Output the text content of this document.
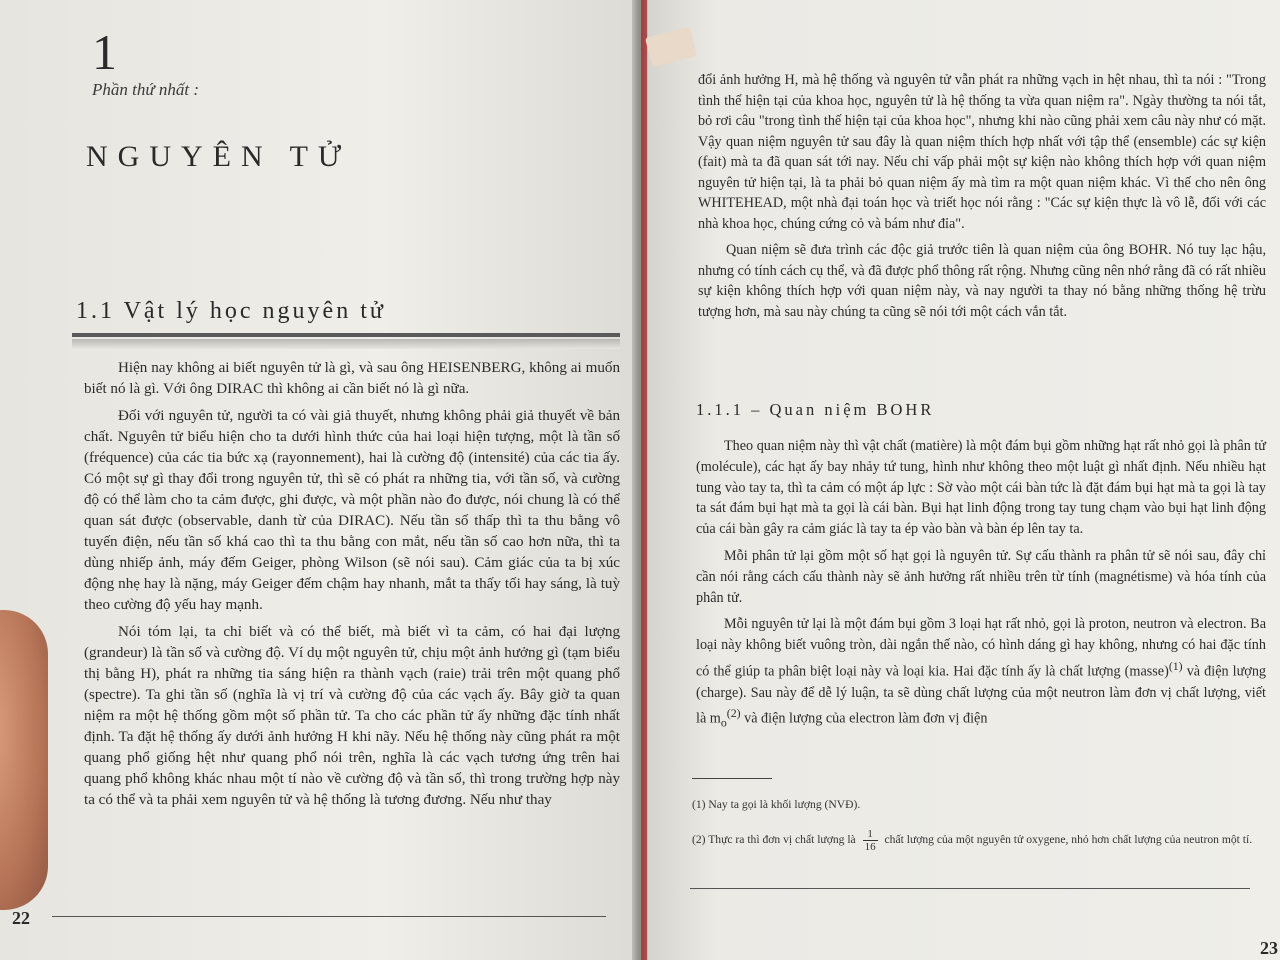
1
Phần thứ nhất :
NGUYÊN TỬ
1.1 Vật lý học nguyên tử

Hiện nay không ai biết nguyên tử là gì, và sau ông HEISENBERG, không ai muốn biết nó là gì. Với ông DIRAC thì không ai cần biết nó là gì nữa.

Đối với nguyên tử, người ta có vài giả thuyết, nhưng không phải giả thuyết về bản chất. Nguyên tử biểu hiện cho ta dưới hình thức của hai loại hiện tượng, một là tần số (fréquence) của các tia bức xạ (rayonnement), hai là cường độ (intensité) của các tia ấy. Có một sự gì thay đổi trong nguyên tử, thì sẽ có phát ra những tia, với tần số, và cường độ có thể làm cho ta cảm được, ghi được, và một phần nào đo được, nói chung là có thể quan sát được (observable, danh từ của DIRAC). Nếu tần số thấp thì ta thu bằng vô tuyến điện, nếu tần số khá cao thì ta thu bằng con mắt, nếu tần số cao hơn nữa, thì ta dùng nhiếp ảnh, máy đếm Geiger, phòng Wilson (sẽ nói sau). Cảm giác của ta bị xúc động nhẹ hay là nặng, máy Geiger đếm chậm hay nhanh, mắt ta thấy tối hay sáng, là tuỳ theo cường độ yếu hay mạnh.

Nói tóm lại, ta chỉ biết và có thể biết, mà biết vì ta cảm, có hai đại lượng (grandeur) là tần số và cường độ. Ví dụ một nguyên tử, chịu một ảnh hưởng gì (tạm biểu thị bằng H), phát ra những tia sáng hiện ra thành vạch (raie) trải trên một quang phổ (spectre). Ta ghi tần số (nghĩa là vị trí và cường độ của các vạch ấy. Bây giờ ta quan niệm ra một hệ thống gồm một số phần tử. Ta cho các phần tử ấy những đặc tính nhất định. Ta đặt hệ thống ấy dưới ảnh hưởng H khi nãy. Nếu hệ thống này cũng phát ra một quang phổ giống hệt như quang phổ nói trên, nghĩa là các vạch tương ứng trên hai quang phổ không khác nhau một tí nào về cường độ và tần số, thì trong trường hợp này ta có thể và ta phải xem nguyên tử và hệ thống là tương đương. Nếu như thay

22

đổi ảnh hưởng H, mà hệ thống và nguyên tử vẫn phát ra những vạch in hệt nhau, thì ta nói : "Trong tình thế hiện tại của khoa học, nguyên tử là hệ thống ta vừa quan niệm ra". Ngày thường ta nói tắt, bỏ rơi câu "trong tình thế hiện tại của khoa học", nhưng khi nào cũng phải xem câu này như có mặt. Vậy quan niệm nguyên tử sau đây là quan niệm thích hợp nhất với tập thể (ensemble) các sự kiện (fait) mà ta đã quan sát tới nay. Nếu chỉ vấp phải một sự kiện nào không thích hợp với quan niệm nguyên tử hiện tại, là ta phải bỏ quan niệm ấy mà tìm ra một quan niệm khác. Vì thế cho nên ông WHITEHEAD, một nhà đại toán học và triết học nói rằng : "Các sự kiện thực là vô lễ, đối với các nhà khoa học, chúng cứng cỏ và bám như đỉa".

Quan niệm sẽ đưa trình các độc giả trước tiên là quan niệm của ông BOHR. Nó tuy lạc hậu, nhưng có tính cách cụ thể, và đã được phổ thông rất rộng. Nhưng cũng nên nhớ rằng đã có rất nhiều sự kiện không thích hợp với quan niệm này, và nay người ta thay nó bằng những thống hệ trừu tượng hơn, mà sau này chúng ta cũng sẽ nói tới một cách vắn tắt.

1.1.1 – Quan niệm BOHR

Theo quan niệm này thì vật chất (matière) là một đám bụi gồm những hạt rất nhỏ gọi là phân tử (molécule), các hạt ấy bay nhảy tứ tung, hình như không theo một luật gì nhất định. Nếu nhiều hạt tung vào tay ta, thì ta cảm có một áp lực : Sờ vào một cái bàn tức là đặt đám bụi hạt mà ta gọi là tay ta sát đám bụi hạt mà ta gọi là cái bàn. Bụi hạt linh động trong tay tung chạm vào bụi hạt linh động của cái bàn gây ra cảm giác là tay ta ép vào bàn và bàn ép lên tay ta.

Mỗi phân tử lại gồm một số hạt gọi là nguyên tử. Sự cấu thành ra phân tử sẽ nói sau, đây chỉ cần nói rằng cách cấu thành này sẽ ảnh hưởng rất nhiều trên từ tính (magnétisme) và hóa tính của phân tử.

Mỗi nguyên tử lại là một đám bụi gồm 3 loại hạt rất nhỏ, gọi là proton, neutron và electron. Ba loại này không biết vuông tròn, dài ngắn thế nào, có hình dáng gì hay không, nhưng có hai đặc tính có thể giúp ta phân biệt loại này và loại kia. Hai đặc tính ấy là chất lượng (masse)$^{(1)}$ và điện lượng (charge). Sau này để dễ lý luận, ta sẽ dùng chất lượng của một neutron làm đơn vị chất lượng, viết là $m_o^{(2)}$ và điện lượng của electron làm đơn vị điện

(1) Nay ta gọi là khối lượng (NVĐ).
(2) Thực ra thì đơn vị chất lượng là $\frac{1}{16}$ chất lượng của một nguyên tử oxygene, nhỏ hơn chất lượng của neutron một tí.
23
